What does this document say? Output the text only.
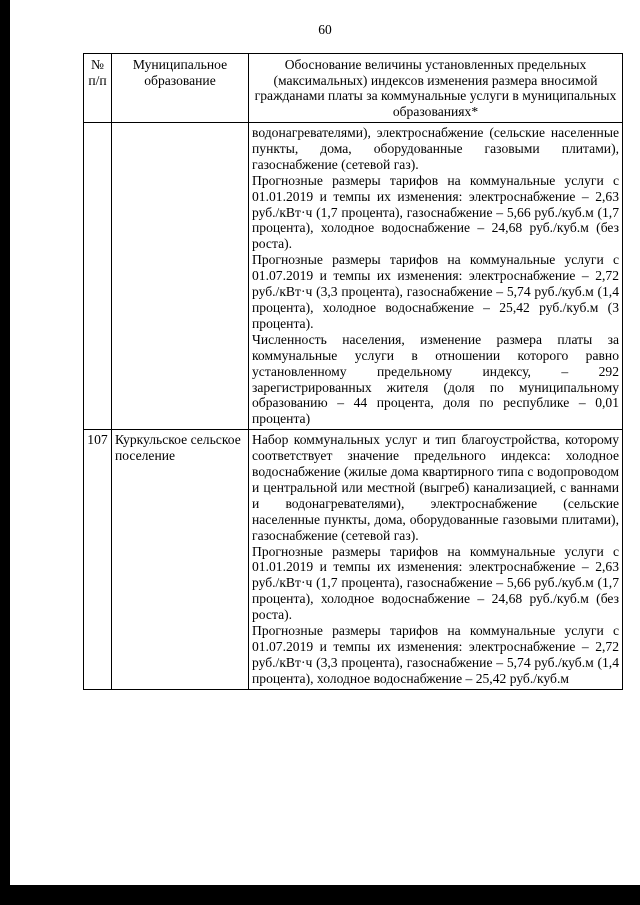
60
№ п/п	Муниципальное образование	Обоснование величины установленных предельных (максимальных) индексов изменения размера вносимой гражданами платы за коммунальные услуги в муниципальных образованиях*

		водонагревателями), электроснабжение (сельские населенные пункты, дома, оборудованные газовыми плитами), газоснабжение (сетевой газ).

Прогнозные размеры тарифов на коммунальные услуги с 01.01.2019 и темпы их изменения: электроснабжение – 2,63 руб./кВт·ч (1,7 процента), газоснабжение – 5,66 руб./куб.м (1,7 процента), холодное водоснабжение – 24,68 руб./куб.м (без роста).

Прогнозные размеры тарифов на коммунальные услуги с 01.07.2019 и темпы их изменения: электроснабжение – 2,72 руб./кВт·ч (3,3 процента), газоснабжение – 5,74 руб./куб.м (1,4 процента), холодное водоснабжение – 25,42 руб./куб.м (3 процента).

Численность населения, изменение размера платы за коммунальные услуги в отношении которого равно установленному предельному индексу, – 292 зарегистрированных жителя (доля по муниципальному образованию – 44 процента, доля по республике – 0,01 процента)

107	Куркульское сельское поселение	Набор коммунальных услуг и тип благоустройства, которому соответствует значение предельного индекса: холодное водоснабжение (жилые дома квартирного типа с водопроводом и центральной или местной (выгреб) канализацией, с ваннами и водонагревателями), электроснабжение (сельские населенные пункты, дома, оборудованные газовыми плитами), газоснабжение (сетевой газ).

Прогнозные размеры тарифов на коммунальные услуги с 01.01.2019 и темпы их изменения: электроснабжение – 2,63 руб./кВт·ч (1,7 процента), газоснабжение – 5,66 руб./куб.м (1,7 процента), холодное водоснабжение – 24,68 руб./куб.м (без роста).

Прогнозные размеры тарифов на коммунальные услуги с 01.07.2019 и темпы их изменения: электроснабжение – 2,72 руб./кВт·ч (3,3 процента), газоснабжение – 5,74 руб./куб.м (1,4 процента), холодное водоснабжение – 25,42 руб./куб.м
